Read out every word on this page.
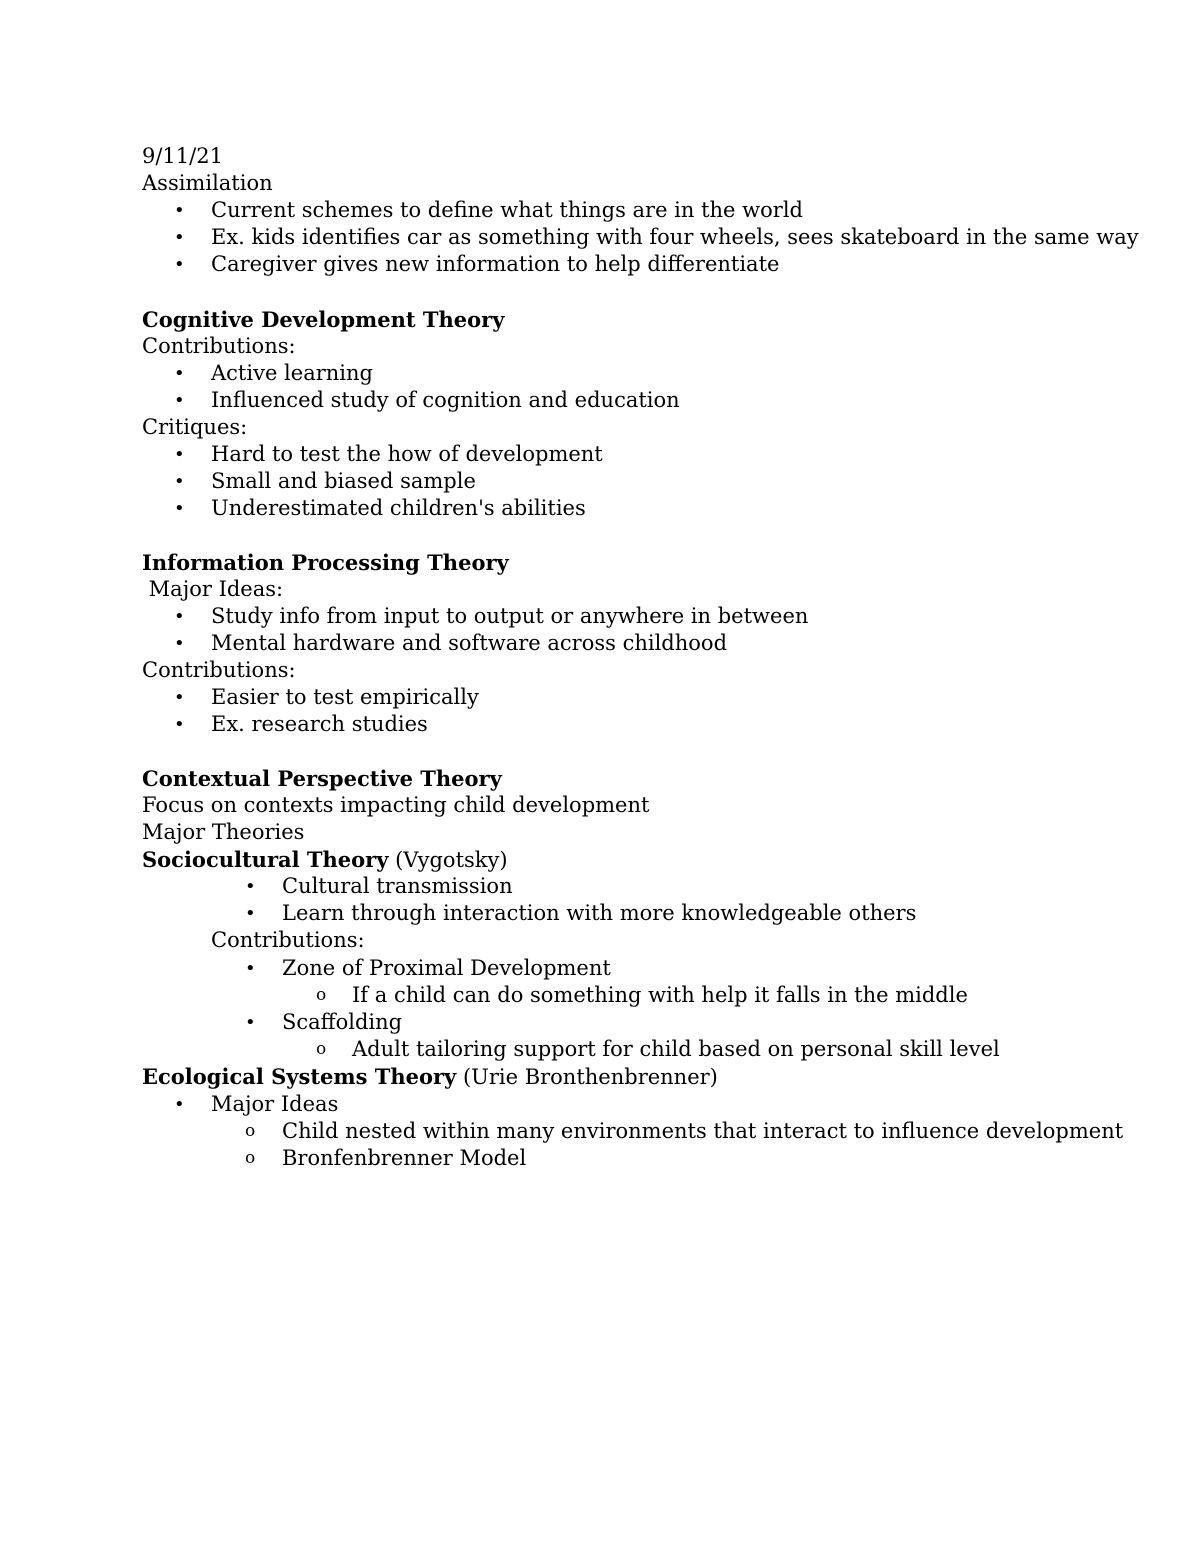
9/11/21
Assimilation
• Current schemes to define what things are in the world
• Ex. kids identifies car as something with four wheels, sees skateboard in the same way
• Caregiver gives new information to help differentiate
Cognitive Development Theory
Contributions:
• Active learning
• Influenced study of cognition and education
Critiques:
• Hard to test the how of development
• Small and biased sample
• Underestimated children's abilities
Information Processing Theory
Major Ideas:
• Study info from input to output or anywhere in between
• Mental hardware and software across childhood
Contributions:
• Easier to test empirically
• Ex. research studies
Contextual Perspective Theory
Focus on contexts impacting child development
Major Theories
Sociocultural Theory (Vygotsky)
• Cultural transmission
• Learn through interaction with more knowledgeable others
Contributions:
• Zone of Proximal Development
o If a child can do something with help it falls in the middle
• Scaffolding
o Adult tailoring support for child based on personal skill level
Ecological Systems Theory (Urie Bronthenbrenner)
• Major Ideas
o Child nested within many environments that interact to influence development
o Bronfenbrenner Model
